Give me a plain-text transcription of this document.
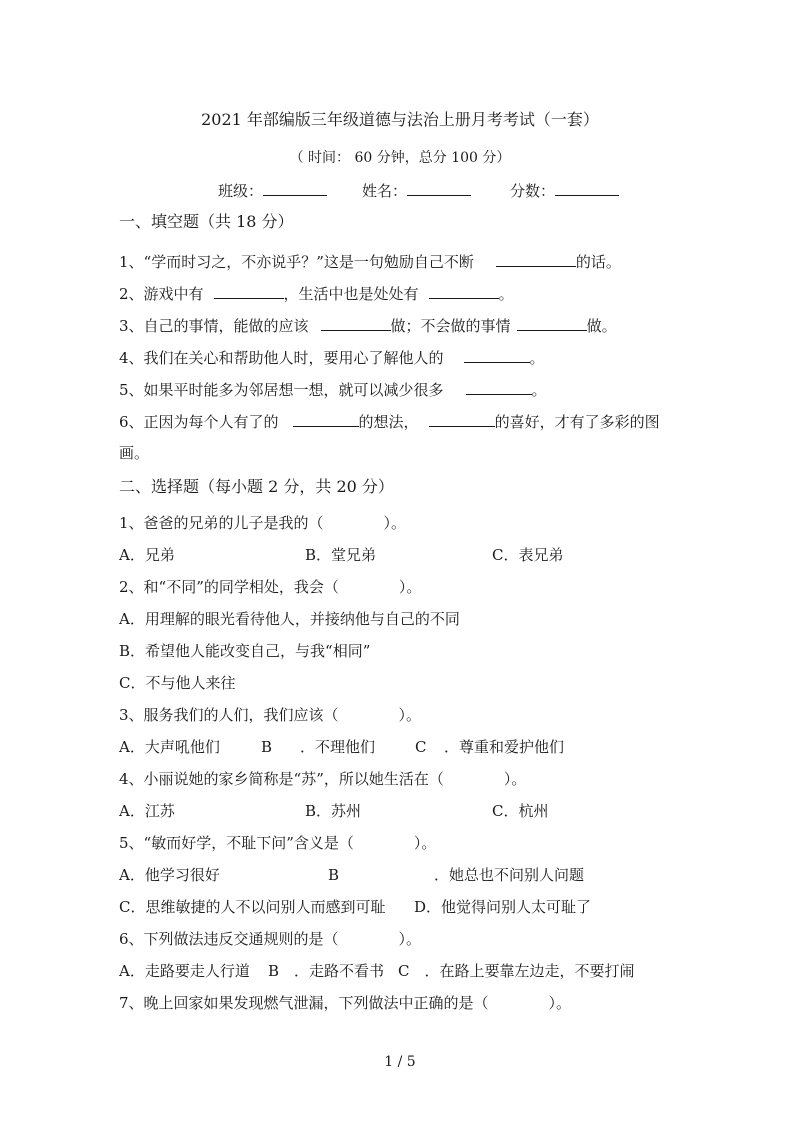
2021 年部编版三年级道德与法治上册月考考试（一套）
（ 时间： 60 分钟，总分 100 分）
班级：	姓名：	分数：
一、填空题（共 18 分）
1、“学而时习之，不亦说乎？”这是一句勉励自己不断	的话。
2、游戏中有	，生活中也是处处有	。
3、自己的事情，能做的应该	做；不会做的事情	做。
4、我们在关心和帮助他人时，要用心了解他人的	。
5、如果平时能多为邻居想一想，就可以减少很多	。
6、正因为每个人有了的	的想法，	的喜好，才有了多彩的图
画。
二、选择题（每小题 2 分，共 20 分）
1、爸爸的兄弟的儿子是我的（　　　　）。
A．兄弟	B．堂兄弟	C．表兄弟
2、和“不同”的同学相处，我会（　　　　）。
A．用理解的眼光看待他人，并接纳他与自己的不同
B．希望他人能改变自己，与我“相同”
C．不与他人来往
3、服务我们的人们，我们应该（　　　　）。
A．大声吼他们	B ．不理他们	C ．尊重和爱护他们
4、小丽说她的家乡简称是“苏”，所以她生活在（　　　　）。
A．江苏	B．苏州	C．杭州
5、“敏而好学，不耻下问”含义是（　　　　）。
A．他学习很好	B	．她总也不问别人问题
C．思维敏捷的人不以问别人而感到可耻 D．他觉得问别人太可耻了
6、下列做法违反交通规则的是（　　　　）。
A．走路要走人行道 B　．走路不看书 C　．在路上要靠左边走，不要打闹
7、晚上回家如果发现燃气泄漏，下列做法中正确的是（　　　　）。
1 / 5
